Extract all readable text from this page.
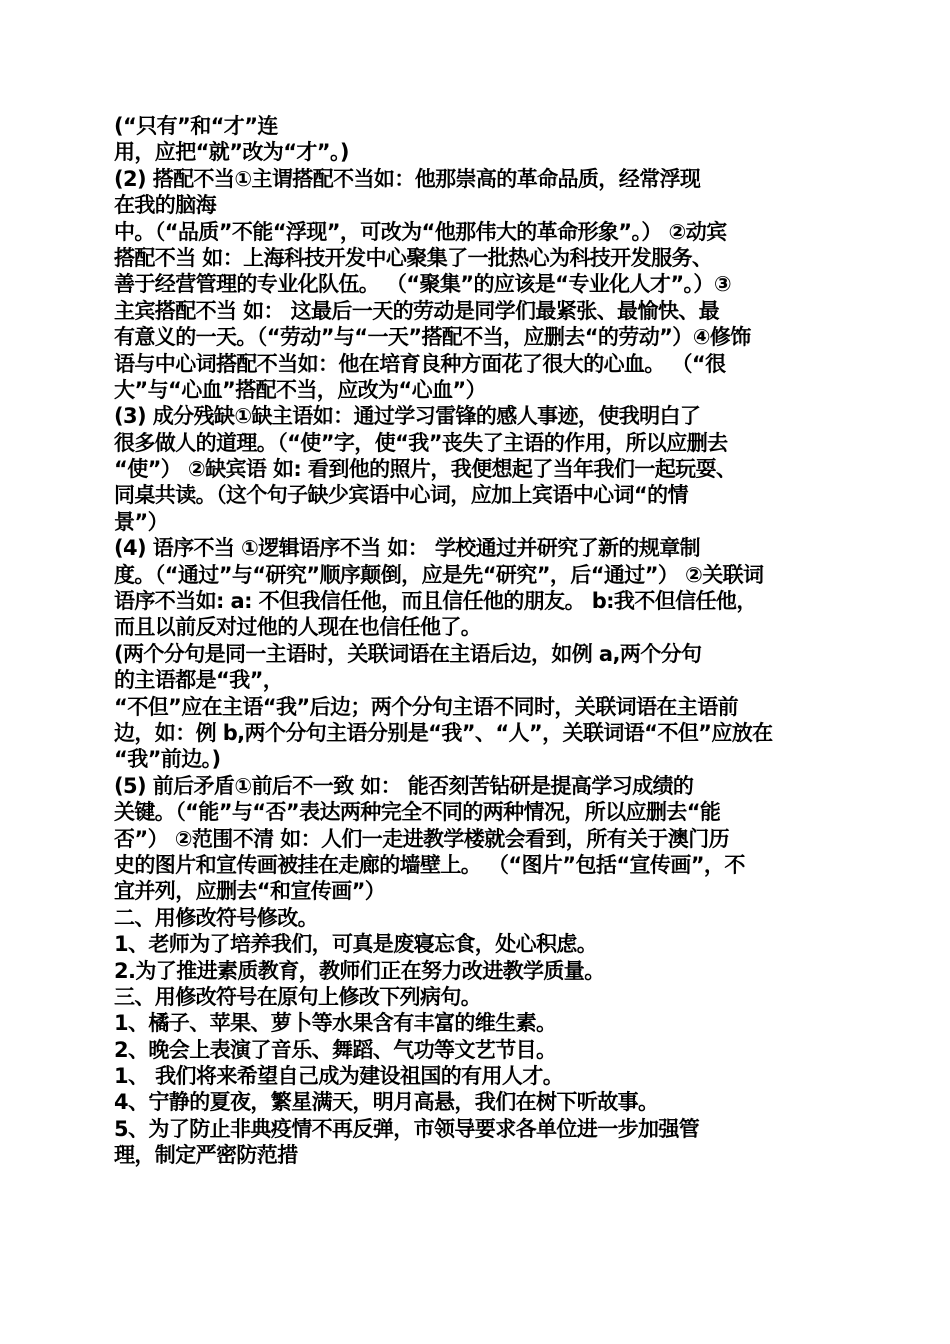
(“只有”和“才”连
用，应把“就”改为“才”。)
(2) 搭配不当①主谓搭配不当如：他那崇高的革命品质，经常浮现
在我的脑海
中。（“品质”不能“浮现”，可改为“他那伟大的革命形象”。） ②动宾
搭配不当 如：上海科技开发中心聚集了一批热心为科技开发服务、
善于经营管理的专业化队伍。 （“聚集”的应该是“专业化人才”。）③
主宾搭配不当 如： 这最后一天的劳动是同学们最紧张、最愉快、最
有意义的一天。（“劳动”与“一天”搭配不当，应删去“的劳动”）④修饰
语与中心词搭配不当如：他在培育良种方面花了很大的心血。 （“很
大”与“心血”搭配不当，应改为“心血”）
(3) 成分残缺①缺主语如：通过学习雷锋的感人事迹，使我明白了
很多做人的道理。（“使”字，使“我”丧失了主语的作用，所以应删去
“使”） ②缺宾语 如: 看到他的照片，我便想起了当年我们一起玩耍、
同桌共读。（这个句子缺少宾语中心词，应加上宾语中心词“的情
景”）
(4) 语序不当 ①逻辑语序不当 如： 学校通过并研究了新的规章制
度。（“通过”与“研究”顺序颠倒，应是先“研究”，后“通过”） ②关联词
语序不当如: a: 不但我信任他，而且信任他的朋友。 b:我不但信任他，
而且以前反对过他的人现在也信任他了。
(两个分句是同一主语时，关联词语在主语后边，如例 a,两个分句
的主语都是“我”，
“不但”应在主语“我”后边；两个分句主语不同时，关联词语在主语前
边，如：例 b,两个分句主语分别是“我”、“人”，关联词语“不但”应放在
“我”前边。)
(5) 前后矛盾①前后不一致 如： 能否刻苦钻研是提高学习成绩的
关键。（“能”与“否”表达两种完全不同的两种情况，所以应删去“能
否”） ②范围不清 如：人们一走进教学楼就会看到，所有关于澳门历
史的图片和宣传画被挂在走廊的墙壁上。 （“图片”包括“宣传画”，不
宜并列，应删去“和宣传画”）
二、用修改符号修改。
1、老师为了培养我们，可真是废寝忘食，处心积虑。
2.为了推进素质教育，教师们正在努力改进教学质量。
三、用修改符号在原句上修改下列病句。
1、橘子、苹果、萝卜等水果含有丰富的维生素。
2、晚会上表演了音乐、舞蹈、气功等文艺节目。
1、 我们将来希望自己成为建设祖国的有用人才。
4、宁静的夏夜，繁星满天，明月高悬，我们在树下听故事。
5、为了防止非典疫情不再反弹，市领导要求各单位进一步加强管
理，制定严密防范措
